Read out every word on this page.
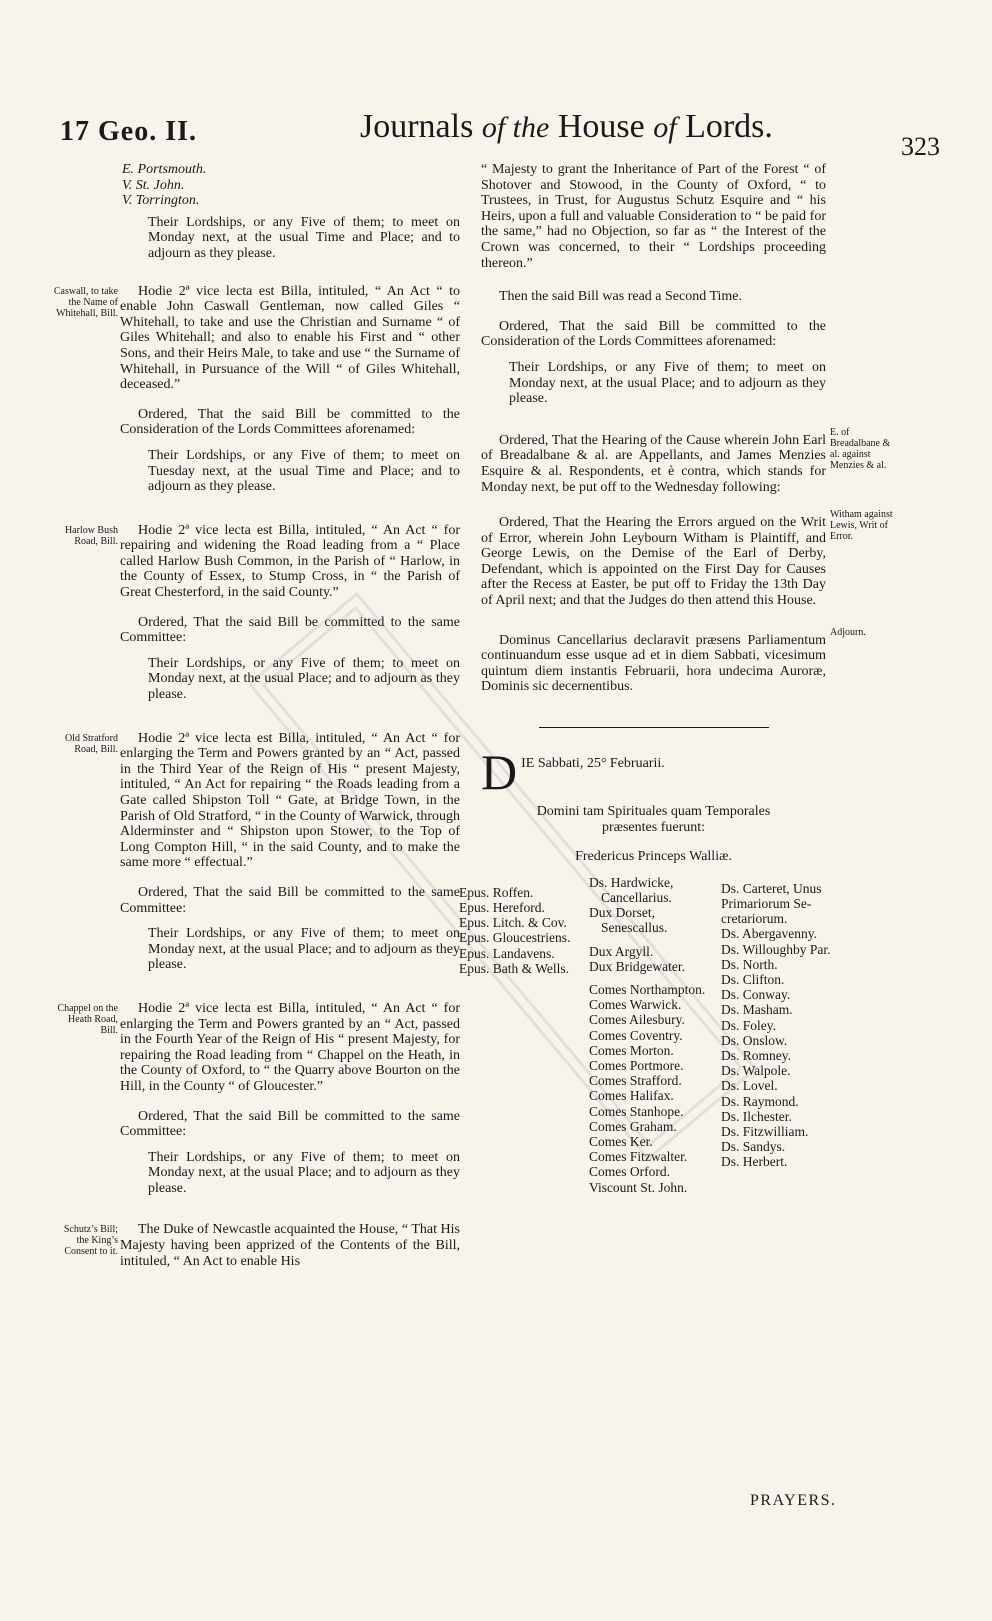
17 Geo. II.	Journals of the House of Lords.
323

E. Portsmouth.

V. St. John.

V. Torrington.

Their Lordships, or any Five of them; to meet on Monday next, at the usual Time and Place; and to adjourn as they please.

Caswall, to take the Name of Whitehall, Bill.

Hodie 2ª vice lecta est Billa, intituled, “ An Act “ to enable John Caswall Gentleman, now called Giles “ Whitehall, to take and use the Christian and Surname “ of Giles Whitehall; and also to enable his First and “ other Sons, and their Heirs Male, to take and use “ the Surname of Whitehall, in Pursuance of the Will “ of Giles Whitehall, deceased.”

Ordered, That the said Bill be committed to the Consideration of the Lords Committees aforenamed:

Their Lordships, or any Five of them; to meet on Tuesday next, at the usual Time and Place; and to adjourn as they please.

Harlow Bush Road, Bill.

Hodie 2ª vice lecta est Billa, intituled, “ An Act “ for repairing and widening the Road leading from a “ Place called Harlow Bush Common, in the Parish of “ Harlow, in the County of Essex, to Stump Cross, in “ the Parish of Great Chesterford, in the said County.”

Ordered, That the said Bill be committed to the same Committee:

Their Lordships, or any Five of them; to meet on Monday next, at the usual Place; and to adjourn as they please.

Old Stratford Road, Bill.

Hodie 2ª vice lecta est Billa, intituled, “ An Act “ for enlarging the Term and Powers granted by an “ Act, passed in the Third Year of the Reign of His “ present Majesty, intituled, “ An Act for repairing “ the Roads leading from a Gate called Shipston Toll “ Gate, at Bridge Town, in the Parish of Old Stratford, “ in the County of Warwick, through Alderminster and “ Shipston upon Stower, to the Top of Long Compton Hill, “ in the said County, and to make the same more “ effectual.”

Ordered, That the said Bill be committed to the same Committee:

Their Lordships, or any Five of them; to meet on Monday next, at the usual Place; and to adjourn as they please.

Chappel on the Heath Road, Bill.

Hodie 2ª vice lecta est Billa, intituled, “ An Act “ for enlarging the Term and Powers granted by an “ Act, passed in the Fourth Year of the Reign of His “ present Majesty, for repairing the Road leading from “ Chappel on the Heath, in the County of Oxford, to “ the Quarry above Bourton on the Hill, in the County “ of Gloucester.”

Ordered, That the said Bill be committed to the same Committee:

Their Lordships, or any Five of them; to meet on Monday next, at the usual Place; and to adjourn as they please.

Schutz’s Bill; the King’s Consent to it.

The Duke of Newcastle acquainted the House, “ That His Majesty having been apprized of the Contents of the Bill, intituled, “ An Act to enable His

“ Majesty to grant the Inheritance of Part of the Forest “ of Shotover and Stowood, in the County of Oxford, “ to Trustees, in Trust, for Augustus Schutz Esquire and “ his Heirs, upon a full and valuable Consideration to “ be paid for the same,” had no Objection, so far as “ the Interest of the Crown was concerned, to their “ Lordships proceeding thereon.”

Then the said Bill was read a Second Time.

Ordered, That the said Bill be committed to the Consideration of the Lords Committees aforenamed:

Their Lordships, or any Five of them; to meet on Monday next, at the usual Place; and to adjourn as they please.

E. of Breadalbane & al. against Menzies & al.

Ordered, That the Hearing of the Cause wherein John Earl of Breadalbane & al. are Appellants, and James Menzies Esquire & al. Respondents, et è contra, which stands for Monday next, be put off to the Wednesday following:

Witham against Lewis, Writ of Error.

Ordered, That the Hearing the Errors argued on the Writ of Error, wherein John Leybourn Witham is Plaintiff, and George Lewis, on the Demise of the Earl of Derby, Defendant, which is appointed on the First Day for Causes after the Recess at Easter, be put off to Friday the 13th Day of April next; and that the Judges do then attend this House.

Adjourn.

Dominus Cancellarius declaravit præsens Parliamentum continuandum esse usque ad et in diem Sabbati, vicesimum quintum diem instantis Februarii, hora undecima Auroræ, Dominis sic decernentibus.

D IE Sabbati, 25° Februarii.

Domini tam Spirituales quam Temporales præsentes fuerunt:

Fredericus Princeps Walliæ.

Epus. Roffen.
Epus. Hereford.
Epus. Litch. & Cov.
Epus. Gloucestriens.
Epus. Landavens.
Epus. Bath & Wells.
Ds. Hardwicke,
Cancellarius.
Dux Dorset,
Senescallus.
Dux Argyll.
Dux Bridgewater.
Comes Northampton.
Comes Warwick.
Comes Ailesbury.
Comes Coventry.
Comes Morton.
Comes Portmore.
Comes Strafford.
Comes Halifax.
Comes Stanhope.
Comes Graham.
Comes Ker.
Comes Fitzwalter.
Comes Orford.
Viscount St. John.
Ds. Carteret, Unus
Primariorum Se-
cretariorum.
Ds. Abergavenny.
Ds. Willoughby Par.
Ds. North.
Ds. Clifton.
Ds. Conway.
Ds. Masham.
Ds. Foley.
Ds. Onslow.
Ds. Romney.
Ds. Walpole.
Ds. Lovel.
Ds. Raymond.
Ds. Ilchester.
Ds. Fitzwilliam.
Ds. Sandys.
Ds. Herbert.
PRAYERS.
